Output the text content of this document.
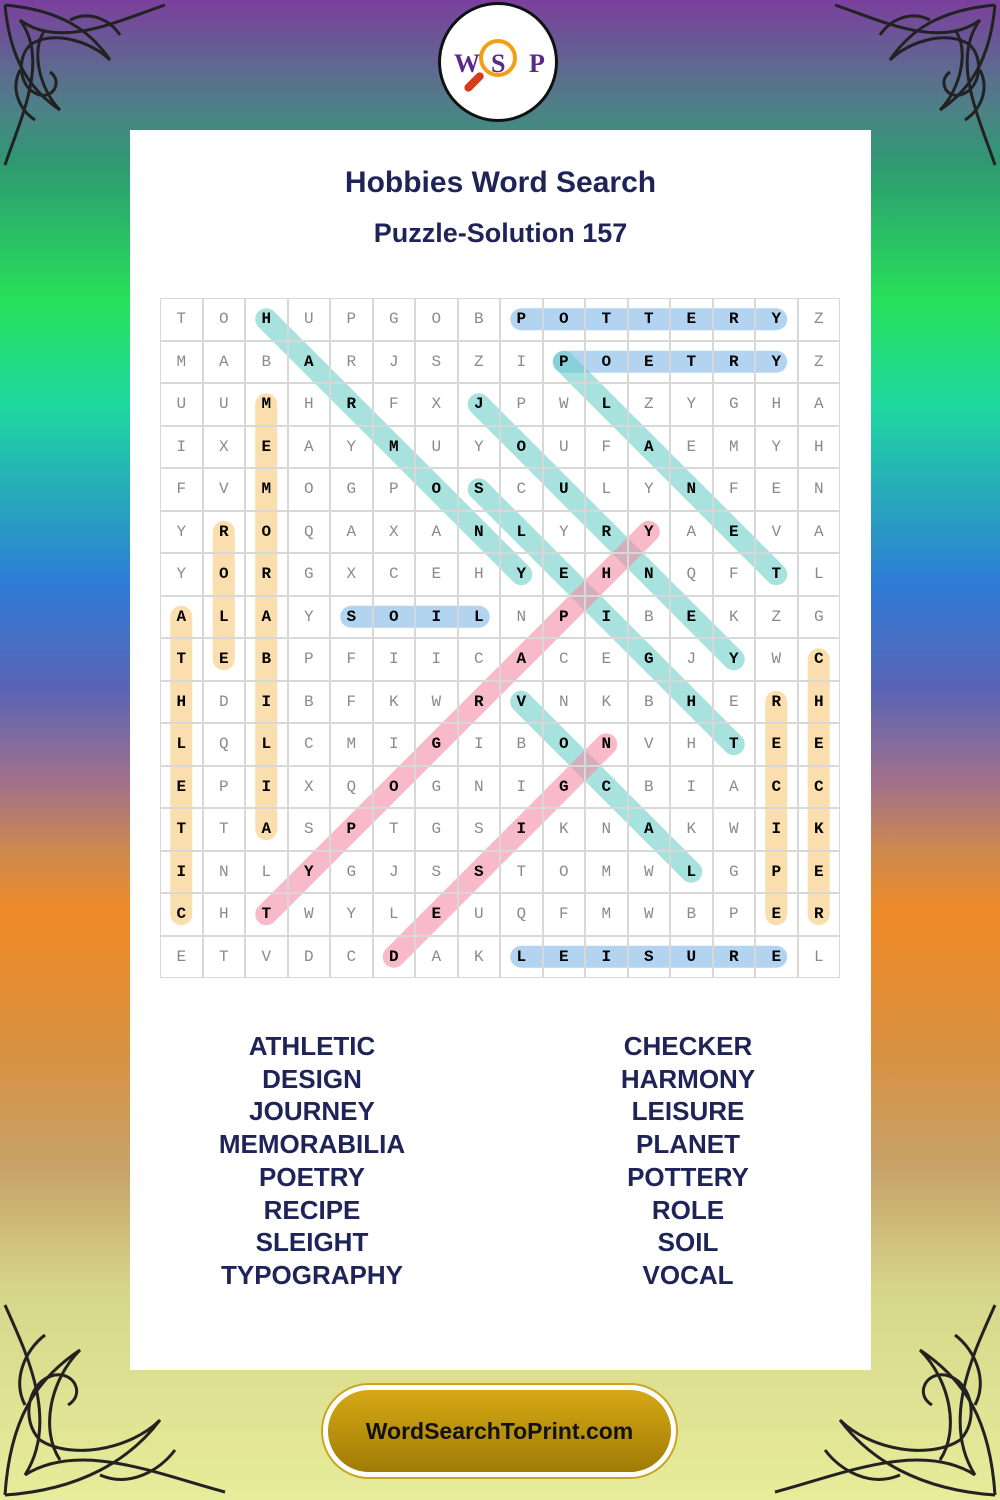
Hobbies Word Search
Puzzle-Solution 157
T	O	H	U	P	G	O	B	P	O	T	T	E	R	Y	Z
M	A	B	A	R	J	S	Z	I	P	O	E	T	R	Y	Z
U	U	M	H	R	F	X	J	P	W	L	Z	Y	G	H	A
I	X	E	A	Y	M	U	Y	O	U	F	A	E	M	Y	H
F	V	M	O	G	P	O	S	C	U	L	Y	N	F	E	N
Y	R	O	Q	A	X	A	N	L	Y	R	Y	A	E	V	A
Y	O	R	G	X	C	E	H	Y	E	H	N	Q	F	T	L
A	L	A	Y	S	O	I	L	N	P	I	B	E	K	Z	G
T	E	B	P	F	I	I	C	A	C	E	G	J	Y	W	C
H	D	I	B	F	K	W	R	V	N	K	B	H	E	R	H
L	Q	L	C	M	I	G	I	B	O	N	V	H	T	E	E
E	P	I	X	Q	O	G	N	I	G	C	B	I	A	C	C
T	T	A	S	P	T	G	S	I	K	N	A	K	W	I	K
I	N	L	Y	G	J	S	S	T	O	M	W	L	G	P	E
C	H	T	W	Y	L	E	U	Q	F	M	W	B	P	E	R
E	T	V	D	C	D	A	K	L	E	I	S	U	R	E	L
ATHLETIC
DESIGN
JOURNEY
MEMORABILIA
POETRY
RECIPE
SLEIGHT
TYPOGRAPHY
CHECKER
HARMONY
LEISURE
PLANET
POTTERY
ROLE
SOIL
VOCAL
W S P
WordSearchToPrint.com
